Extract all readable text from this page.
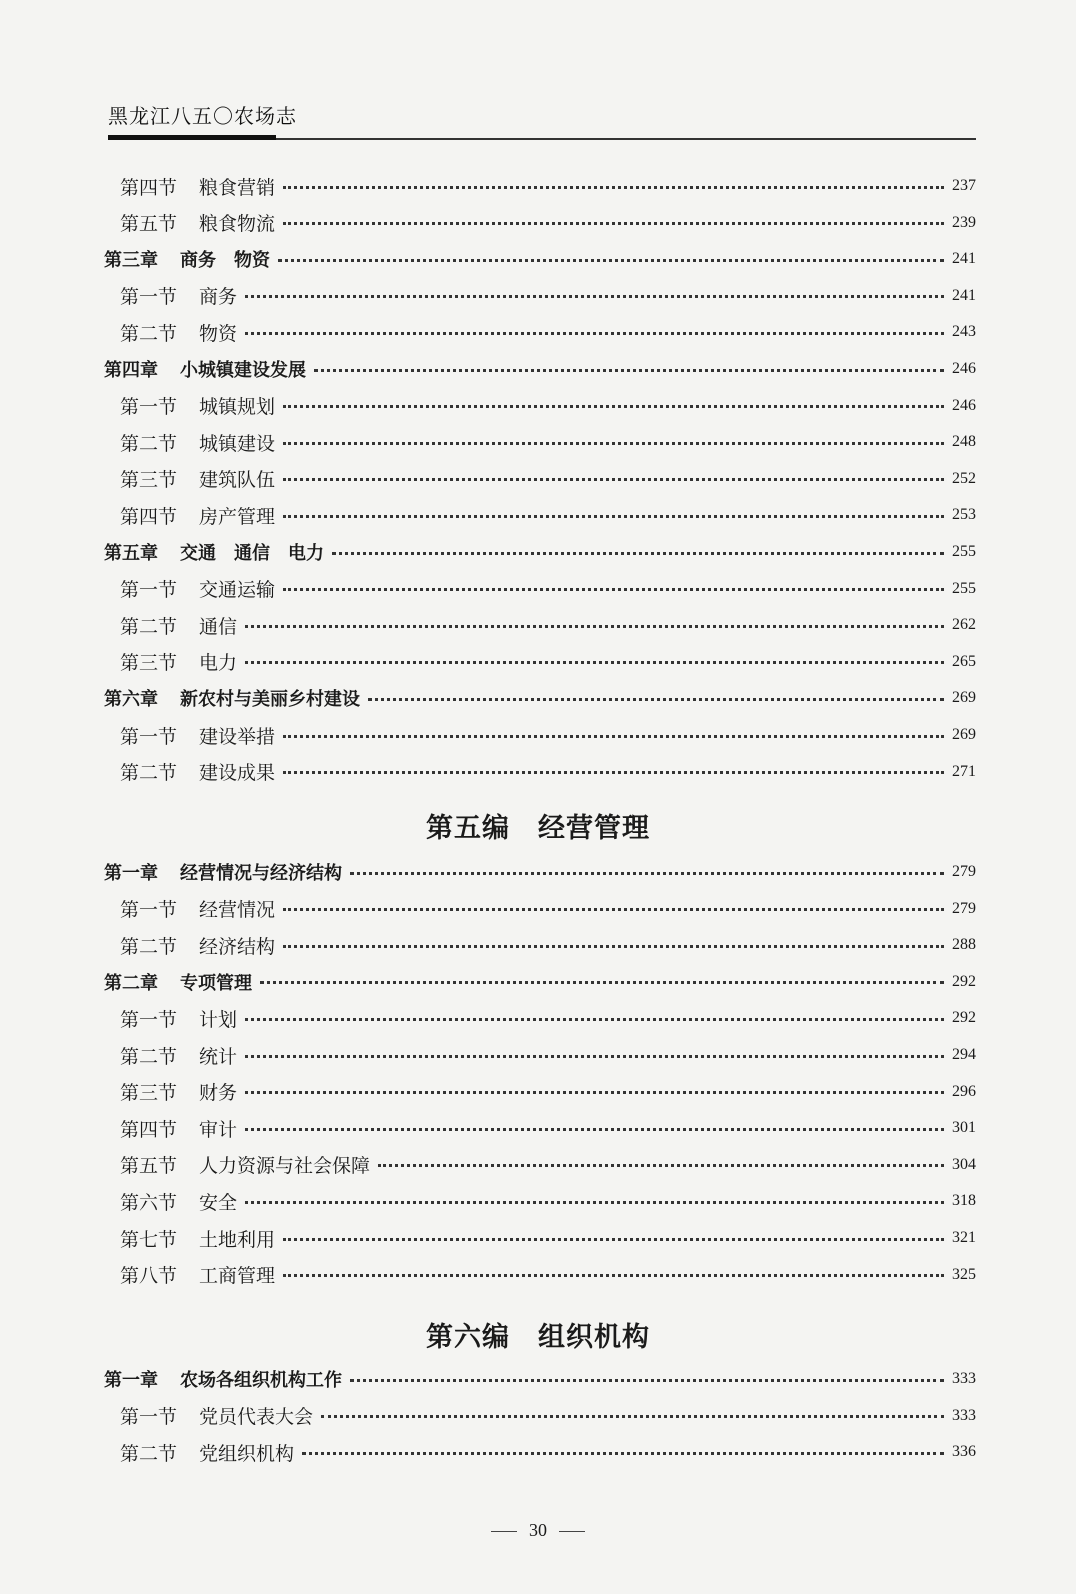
黑龙江八五〇农场志
第四节 粮食营销	237
第五节 粮食物流	239
第三章 商务　物资	241
第一节 商务	241
第二节 物资	243
第四章 小城镇建设发展	246
第一节 城镇规划	246
第二节 城镇建设	248
第三节 建筑队伍	252
第四节 房产管理	253
第五章 交通　通信　电力	255
第一节 交通运输	255
第二节 通信	262
第三节 电力	265
第六章 新农村与美丽乡村建设	269
第一节 建设举措	269
第二节 建设成果	271
第一章 经营情况与经济结构	279
第一节 经营情况	279
第二节 经济结构	288
第二章 专项管理	292
第一节 计划	292
第二节 统计	294
第三节 财务	296
第四节 审计	301
第五节 人力资源与社会保障	304
第六节 安全	318
第七节 土地利用	321
第八节 工商管理	325
第一章 农场各组织机构工作	333
第一节 党员代表大会	333
第二节 党组织机构	336
第五编 经营管理
第六编 组织机构
30
